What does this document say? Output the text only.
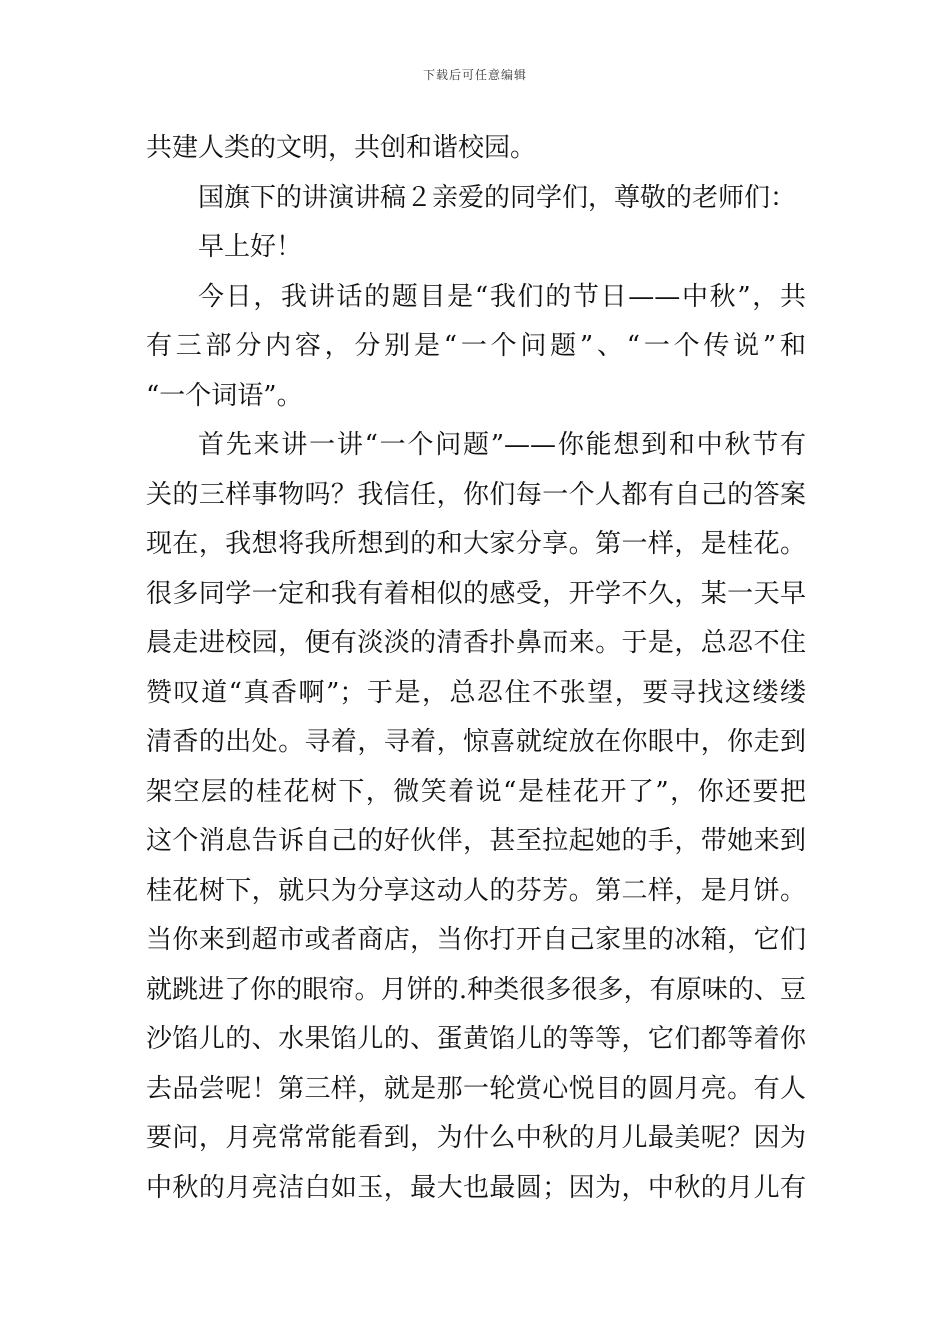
下载后可任意编辑
共建人类的文明，共创和谐校园。
国旗下的讲演讲稿２亲爱的同学们，尊敬的老师们：
早上好！
今日，我讲话的题目是“我们的节日——中秋”，共
有三部分内容，分别是“一个问题”、“一个传说”和
“一个词语”。
首先来讲一讲“一个问题”——你能想到和中秋节有
关的三样事物吗？我信任，你们每一个人都有自己的答案
现在，我想将我所想到的和大家分享。第一样，是桂花。
很多同学一定和我有着相似的感受，开学不久，某一天早
晨走进校园，便有淡淡的清香扑鼻而来。于是，总忍不住
赞叹道“真香啊”；于是，总忍住不张望，要寻找这缕缕
清香的出处。寻着，寻着，惊喜就绽放在你眼中，你走到
架空层的桂花树下，微笑着说“是桂花开了”，你还要把
这个消息告诉自己的好伙伴，甚至拉起她的手，带她来到
桂花树下，就只为分享这动人的芬芳。第二样，是月饼。
当你来到超市或者商店，当你打开自己家里的冰箱，它们
就跳进了你的眼帘。月饼的.种类很多很多，有原味的、豆
沙馅儿的、水果馅儿的、蛋黄馅儿的等等，它们都等着你
去品尝呢！第三样，就是那一轮赏心悦目的圆月亮。有人
要问，月亮常常能看到，为什么中秋的月儿最美呢？因为
中秋的月亮洁白如玉，最大也最圆；因为，中秋的月儿有
